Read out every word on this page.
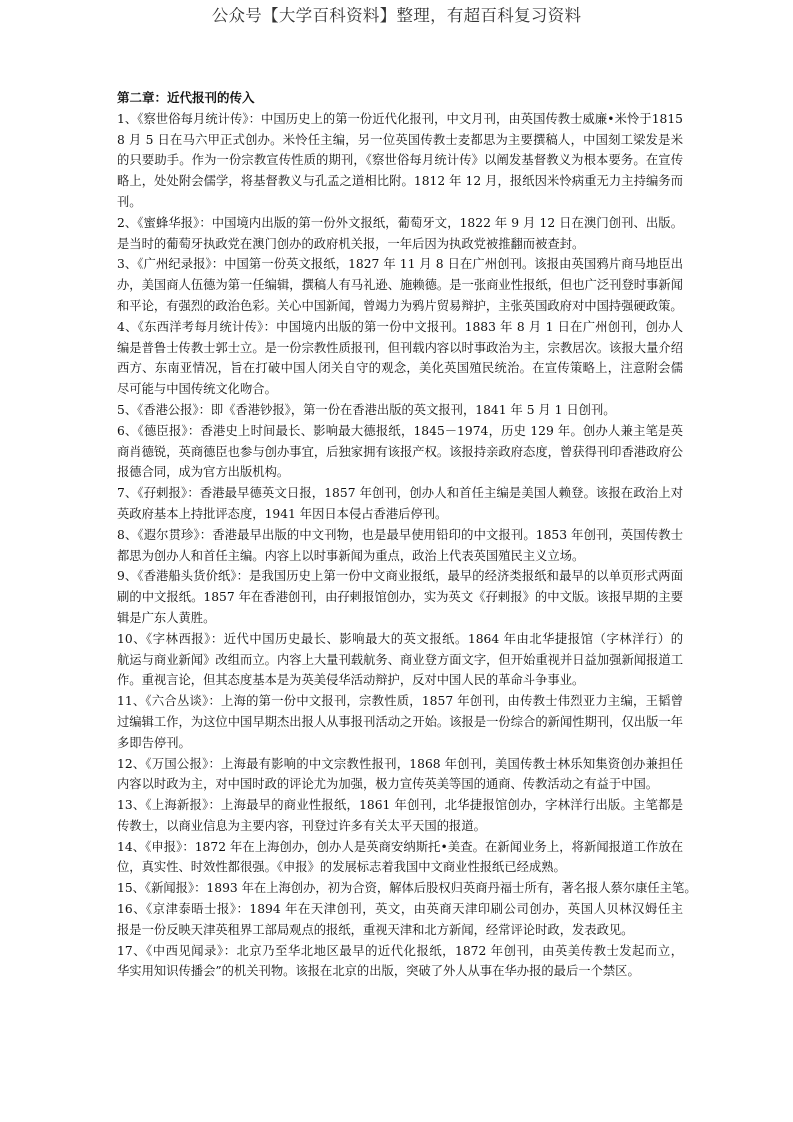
公众号【大学百科资料】整理，有超百科复习资料
第二章：近代报刊的传入
1、《察世俗每月统计传》：中国历史上的第一份近代化报刊，中文月刊，由英国传教士威廉•米怜于1815
8 月 5 日在马六甲正式创办。米怜任主编，另一位英国传教士麦都思为主要撰稿人，中国刻工梁发是米
的只要助手。作为一份宗教宣传性质的期刊，《察世俗每月统计传》以阐发基督教义为根本要务。在宣传
略上，处处附会儒学，将基督教义与孔孟之道相比附。1812 年 12 月，报纸因米怜病重无力主持编务而
刊。
2、《蜜蜂华报》：中国境内出版的第一份外文报纸，葡萄牙文，1822 年 9 月 12 日在澳门创刊、出版。
是当时的葡萄牙执政党在澳门创办的政府机关报，一年后因为执政党被推翻而被查封。
3、《广州纪录报》：中国第一份英文报纸，1827 年 11 月 8 日在广州创刊。该报由英国鸦片商马地臣出
办，美国商人伍德为第一任编辑，撰稿人有马礼逊、施赖德。是一张商业性报纸，但也广泛刊登时事新闻
和平论，有强烈的政治色彩。关心中国新闻，曾竭力为鸦片贸易辩护，主张英国政府对中国持强硬政策。
4、《东西洋考每月统计传》：中国境内出版的第一份中文报刊。1883 年 8 月 1 日在广州创刊，创办人
编是普鲁士传教士郭士立。是一份宗教性质报刊，但刊载内容以时事政治为主，宗教居次。该报大量介绍
西方、东南亚情况，旨在打破中国人闭关自守的观念，美化英国殖民统治。在宣传策略上，注意附会儒
尽可能与中国传统文化吻合。
5、《香港公报》：即《香港钞报》，第一份在香港出版的英文报刊，1841 年 5 月 1 日创刊。
6、《德臣报》：香港史上时间最长、影响最大德报纸，1845－1974，历史 129 年。创办人兼主笔是英
商肖德锐，英商德臣也参与创办事宜，后独家拥有该报产权。该报持亲政府态度，曾获得刊印香港政府公
报德合同，成为官方出版机构。
7、《孖剌报》：香港最早德英文日报，1857 年创刊，创办人和首任主编是美国人赖登。该报在政治上对
英政府基本上持批评态度，1941 年因日本侵占香港后停刊。
8、《遐尔贯珍》：香港最早出版的中文刊物，也是最早使用铅印的中文报刊。1853 年创刊，英国传教士
都思为创办人和首任主编。内容上以时事新闻为重点，政治上代表英国殖民主义立场。
9、《香港船头货价纸》：是我国历史上第一份中文商业报纸，最早的经济类报纸和最早的以单页形式两面
刷的中文报纸。1857 年在香港创刊，由孖剌报馆创办，实为英文《孖剌报》的中文版。该报早期的主要
辑是广东人黄胜。
10、《字林西报》：近代中国历史最长、影响最大的英文报纸。1864 年由北华捷报馆（字林洋行）的
航运与商业新闻》改组而立。内容上大量刊载航务、商业登方面文字，但开始重视并日益加强新闻报道工
作。重视言论，但其态度基本是为英美侵华活动辩护，反对中国人民的革命斗争事业。
11、《六合丛谈》：上海的第一份中文报刊，宗教性质，1857 年创刊，由传教士伟烈亚力主编，王韬曾
过编辑工作，为这位中国早期杰出报人从事报刊活动之开始。该报是一份综合的新闻性期刊，仅出版一年
多即告停刊。
12、《万国公报》：上海最有影响的中文宗教性报刊，1868 年创刊，美国传教士林乐知集资创办兼担任
内容以时政为主，对中国时政的评论尤为加强，极力宣传英美等国的通商、传教活动之有益于中国。
13、《上海新报》：上海最早的商业性报纸，1861 年创刊，北华捷报馆创办，字林洋行出版。主笔都是
传教士，以商业信息为主要内容，刊登过许多有关太平天国的报道。
14、《申报》：1872 年在上海创办，创办人是英商安纳斯托•美查。在新闻业务上，将新闻报道工作放在
位，真实性、时效性都很强。《申报》的发展标志着我国中文商业性报纸已经成熟。
15、《新闻报》：1893 年在上海创办，初为合资，解体后股权归英商丹福士所有，著名报人蔡尔康任主笔。
16、《京津泰晤士报》：1894 年在天津创刊，英文，由英商天津印刷公司创办，英国人贝林汉姆任主
报是一份反映天津英租界工部局观点的报纸，重视天津和北方新闻，经常评论时政，发表政见。
17、《中西见闻录》：北京乃至华北地区最早的近代化报纸，1872 年创刊，由英美传教士发起而立，
华实用知识传播会”的机关刊物。该报在北京的出版，突破了外人从事在华办报的最后一个禁区。
